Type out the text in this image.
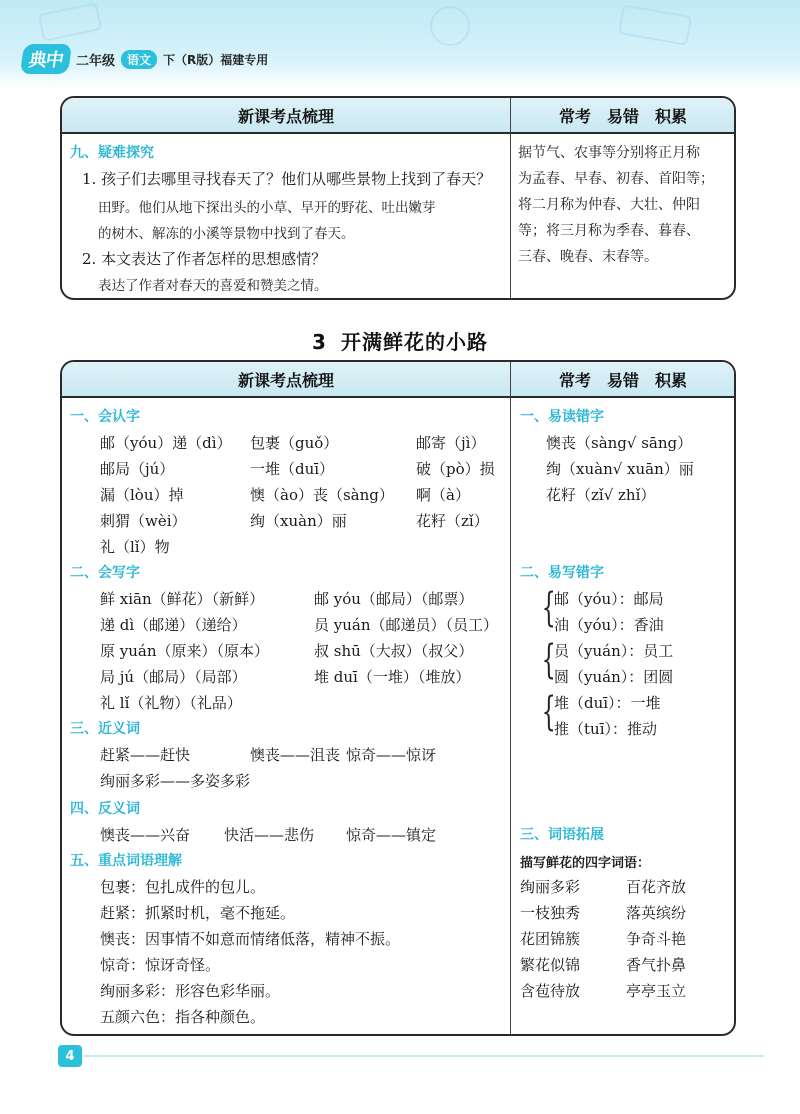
典中 二年级	语文	下（R版）福建专用
新课考点梳理	常考　易错　积累
九、疑难探究
1. 孩子们去哪里寻找春天了？他们从哪些景物上找到了春天？
田野。他们从地下探出头的小草、早开的野花、吐出嫩芽
的树木、解冻的小溪等景物中找到了春天。
2. 本文表达了作者怎样的思想感情？
表达了作者对春天的喜爱和赞美之情。
据节气、农事等分别将正月称
为孟春、早春、初春、首阳等；
将二月称为仲春、大壮、仲阳
等；将三月称为季春、暮春、
三春、晚春、末春等。
3 开满鲜花的小路
新课考点梳理	常考　易错　积累
一、会认字
邮（yóu）递（dì） 包裹（guǒ）	邮寄（jì）
邮局（jú）	一堆（duī）	破（pò）损
漏（lòu）掉	懊（ào）丧（sàng） 啊（à）
刺猬（wèi）	绚（xuàn）丽	花籽（zǐ）
礼（lǐ）物
二、会写字
鲜 xiān（鲜花）（新鲜）	邮 yóu（邮局）（邮票）
递 dì（邮递）（递给）	员 yuán（邮递员）（员工）
原 yuán（原来）（原本）	叔 shū（大叔）（叔父）
局 jú（邮局）（局部）	堆 duī（一堆）（堆放）
礼 lǐ（礼物）（礼品）
三、近义词
赶紧——赶快	懊丧——沮丧 惊奇——惊讶
绚丽多彩——多姿多彩
四、反义词
懊丧——兴奋 快活——悲伤 惊奇——镇定
五、重点词语理解
包裹：包扎成件的包儿。
赶紧：抓紧时机，毫不拖延。
懊丧：因事情不如意而情绪低落，精神不振。
惊奇：惊讶奇怪。
绚丽多彩：形容色彩华丽。
五颜六色：指各种颜色。
一、易读错字
懊丧（sàng√ sāng）
绚（xuàn√ xuān）丽
花籽（zǐ√ zhǐ）
二、易写错字
{
邮（yóu）：邮局
油（yóu）：香油
{
员（yuán）：员工
圆（yuán）：团圆
{
堆（duī）：一堆
推（tuī）：推动
三、词语拓展
描写鲜花的四字词语：
绚丽多彩	百花齐放
一枝独秀	落英缤纷
花团锦簇	争奇斗艳
繁花似锦	香气扑鼻
含苞待放	亭亭玉立
4
